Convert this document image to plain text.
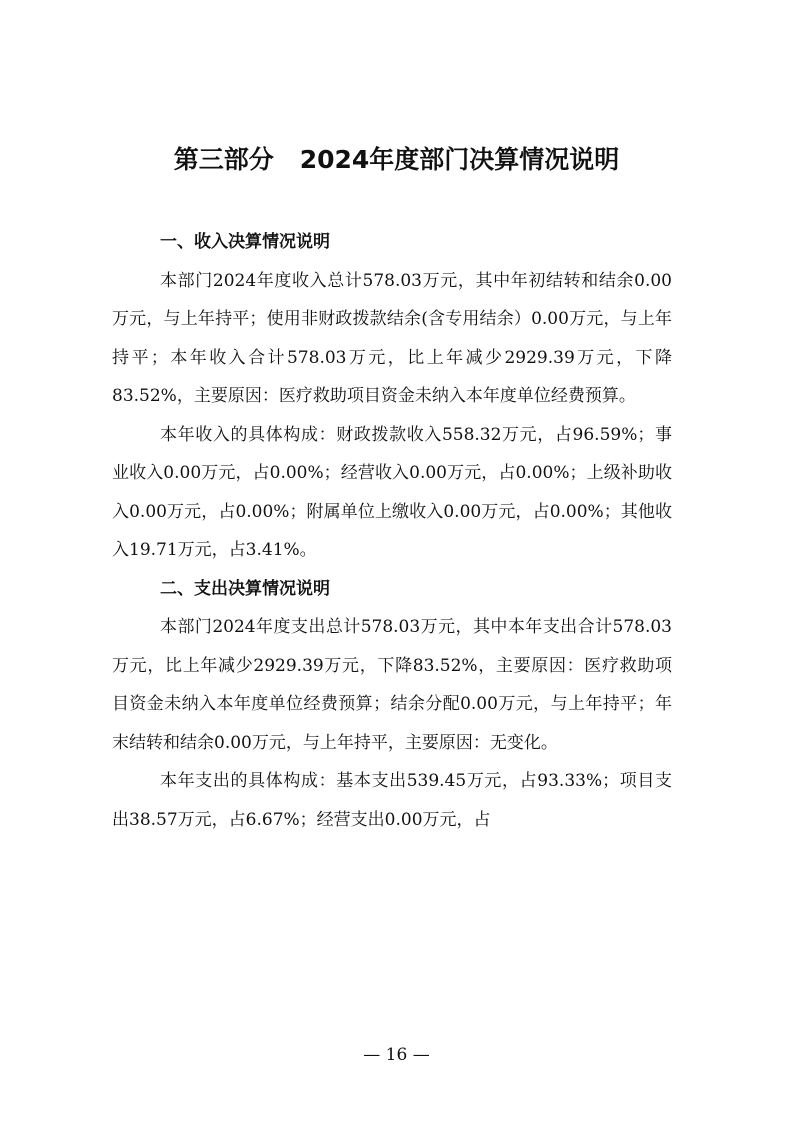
第三部分 2024年度部门决算情况说明
一、收入决算情况说明

本部门2024年度收入总计578.03万元，其中年初结转和结余0.00万元，与上年持平；使用非财政拨款结余(含专用结余）0.00万元，与上年持平；本年收入合计578.03万元，比上年减少2929.39万元，下降83.52%，主要原因：医疗救助项目资金未纳入本年度单位经费预算。

本年收入的具体构成：财政拨款收入558.32万元，占96.59%；事业收入0.00万元，占0.00%；经营收入0.00万元，占0.00%；上级补助收入0.00万元，占0.00%；附属单位上缴收入0.00万元，占0.00%；其他收入19.71万元，占3.41%。

二、支出决算情况说明

本部门2024年度支出总计578.03万元，其中本年支出合计578.03万元，比上年减少2929.39万元，下降83.52%，主要原因：医疗救助项目资金未纳入本年度单位经费预算；结余分配0.00万元，与上年持平；年末结转和结余0.00万元，与上年持平，主要原因：无变化。

本年支出的具体构成：基本支出539.45万元，占93.33%；项目支出38.57万元，占6.67%；经营支出0.00万元，占

— 16 —
